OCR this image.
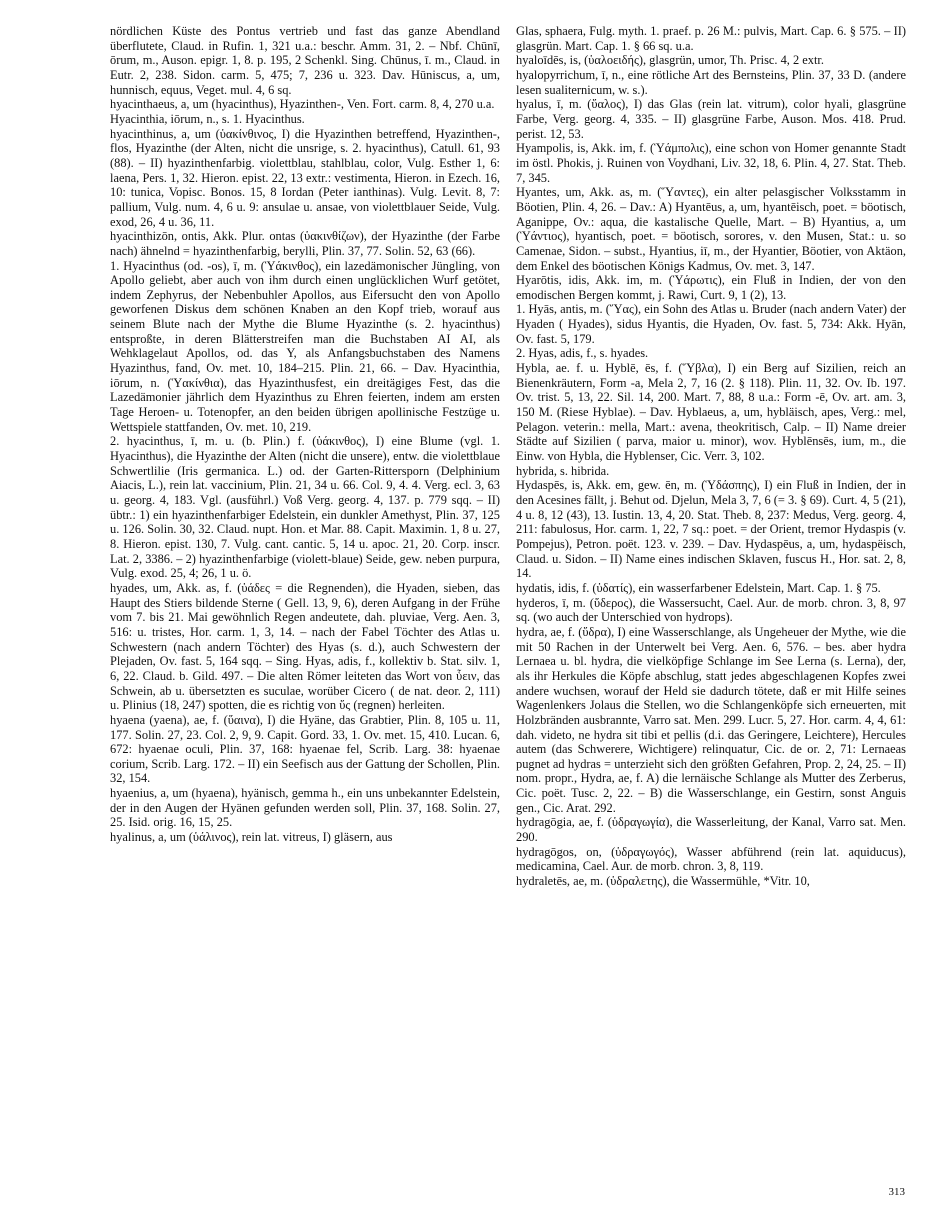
nördlichen Küste des Pontus vertrieb und fast das ganze Abendland überflutete, Claud. in Rufin. 1, 321 u.a.: beschr. Amm. 31, 2. – Nbf. Chūnī, ōrum, m., Auson. epigr. 1, 8. p. 195, 2 Schenkl. Sing. Chūnus, ī. m., Claud. in Eutr. 2, 238. Sidon. carm. 5, 475; 7, 236 u. 323. Dav. Hūniscus, a, um, hunnisch, equus, Veget. mul. 4, 6 sq.

hyacinthaeus, a, um (hyacinthus), Hyazinthen-, Ven. Fort. carm. 8, 4, 270 u.a.

Hyacinthia, iōrum, n., s. 1. Hyacinthus.

hyacinthinus, a, um (ὑακίνθινος, I) die Hyazinthen betreffend, Hyazinthen-, flos, Hyazinthe (der Alten, nicht die unsrige, s. 2. hyacinthus), Catull. 61, 93 (88). – II) hyazinthenfarbig. violettblau, stahlblau, color, Vulg. Esther 1, 6: laena, Pers. 1, 32. Hieron. epist. 22, 13 extr.: vestimenta, Hieron. in Ezech. 16, 10: tunica, Vopisc. Bonos. 15, 8 Iordan (Peter ianthinas). Vulg. Levit. 8, 7: pallium, Vulg. num. 4, 6 u. 9: ansulae u. ansae, von violettblauer Seide, Vulg. exod, 26, 4 u. 36, 11.

hyacinthizōn, ontis, Akk. Plur. ontas (ὑακινθίζων), der Hyazinthe (der Farbe nach) ähnelnd = hyazinthenfarbig, berylli, Plin. 37, 77. Solin. 52, 63 (66).

1. Hyacinthus (od. -os), ī, m. (Ὑάκινθος), ein lazedämonischer Jüngling, von Apollo geliebt, aber auch von ihm durch einen unglücklichen Wurf getötet, indem Zephyrus, der Nebenbuhler Apollos, aus Eifersucht den von Apollo geworfenen Diskus dem schönen Knaben an den Kopf trieb, worauf aus seinem Blute nach der Mythe die Blume Hyazinthe (s. 2. hyacinthus) entsproßte, in deren Blätterstreifen man die Buchstaben AI AI, als Wehklagelaut Apollos, od. das Y, als Anfangsbuchstaben des Namens Hyazinthus, fand, Ov. met. 10, 184–215. Plin. 21, 66. – Dav. Hyacinthia, iōrum, n. (Ὑακίνθια), das Hyazinthusfest, ein dreitägiges Fest, das die Lazedämonier jährlich dem Hyazinthus zu Ehren feierten, indem am ersten Tage Heroen- u. Totenopfer, an den beiden übrigen apollinische Festzüge u. Wettspiele stattfanden, Ov. met. 10, 219.

2. hyacinthus, ī, m. u. (b. Plin.) f. (ὑάκινθος), I) eine Blume (vgl. 1. Hyacinthus), die Hyazinthe der Alten (nicht die unsere), entw. die violettblaue Schwertlilie (Iris germanica. L.) od. der Garten-Rittersporn (Delphinium Aiacis, L.), rein lat. vaccinium, Plin. 21, 34 u. 66. Col. 9, 4. 4. Verg. ecl. 3, 63 u. georg. 4, 183. Vgl. (ausführl.) Voß Verg. georg. 4, 137. p. 779 sqq. – II) übtr.: 1) ein hyazinthenfarbiger Edelstein, ein dunkler Amethyst, Plin. 37, 125 u. 126. Solin. 30, 32. Claud. nupt. Hon. et Mar. 88. Capit. Maximin. 1, 8 u. 27, 8. Hieron. epist. 130, 7. Vulg. cant. cantic. 5, 14 u. apoc. 21, 20. Corp. inscr. Lat. 2, 3386. – 2) hyazinthenfarbige (violett-blaue) Seide, gew. neben purpura, Vulg. exod. 25, 4; 26, 1 u. ö.

hyades, um, Akk. as, f. (ὑάδες = die Regnenden), die Hyaden, sieben, das Haupt des Stiers bildende Sterne ( Gell. 13, 9, 6), deren Aufgang in der Frühe vom 7. bis 21. Mai gewöhnlich Regen andeutete, dah. pluviae, Verg. Aen. 3, 516: u. tristes, Hor. carm. 1, 3, 14. – nach der Fabel Töchter des Atlas u. Schwestern (nach andern Töchter) des Hyas (s. d.), auch Schwestern der Plejaden, Ov. fast. 5, 164 sqq. – Sing. Hyas, adis, f., kollektiv b. Stat. silv. 1, 6, 22. Claud. b. Gild. 497. – Die alten Römer leiteten das Wort von ὗειν, das Schwein, ab u. übersetzten es suculae, worüber Cicero ( de nat. deor. 2, 111) u. Plinius (18, 247) spotten, die es richtig von ὕς (regnen) herleiten.

hyaena (yaena), ae, f. (ὕαινα), I) die Hyäne, das Grabtier, Plin. 8, 105 u. 11, 177. Solin. 27, 23. Col. 2, 9, 9. Capit. Gord. 33, 1. Ov. met. 15, 410. Lucan. 6, 672: hyaenae oculi, Plin. 37, 168: hyaenae fel, Scrib. Larg. 38: hyaenae corium, Scrib. Larg. 172. – II) ein Seefisch aus der Gattung der Schollen, Plin. 32, 154.

hyaenius, a, um (hyaena), hyänisch, gemma h., ein uns unbekannter Edelstein, der in den Augen der Hyänen gefunden werden soll, Plin. 37, 168. Solin. 27, 25. Isid. orig. 16, 15, 25.

hyalinus, a, um (ὑάλινος), rein lat. vitreus, I) gläsern, aus

Glas, sphaera, Fulg. myth. 1. praef. p. 26 M.: pulvis, Mart. Cap. 6. § 575. – II) glasgrün. Mart. Cap. 1. § 66 sq. u.a.

hyaloīdēs, is, (ὑαλοειδής), glasgrün, umor, Th. Prisc. 4, 2 extr.

hyalopyrrichum, ī, n., eine rötliche Art des Bernsteins, Plin. 37, 33 D. (andere lesen sualiternicum, w. s.).

hyalus, ī, m. (ὕαλος), I) das Glas (rein lat. vitrum), color hyali, glasgrüne Farbe, Verg. georg. 4, 335. – II) glasgrüne Farbe, Auson. Mos. 418. Prud. perist. 12, 53.

Hyampolis, is, Akk. im, f. (Ὑάμπολις), eine schon von Homer genannte Stadt im östl. Phokis, j. Ruinen von Voydhani, Liv. 32, 18, 6. Plin. 4, 27. Stat. Theb. 7, 345.

Hyantes, um, Akk. as, m. (Ὕαντες), ein alter pelasgischer Volksstamm in Böotien, Plin. 4, 26. – Dav.: A) Hyantēus, a, um, hyantēisch, poet. = böotisch, Aganippe, Ov.: aqua, die kastalische Quelle, Mart. – B) Hyantius, a, um (Ὑάντιος), hyantisch, poet. = böotisch, sorores, v. den Musen, Stat.: u. so Camenae, Sidon. – subst., Hyantius, iī, m., der Hyantier, Böotier, von Aktäon, dem Enkel des böotischen Königs Kadmus, Ov. met. 3, 147.

Hyarōtis, idis, Akk. im, m. (Ὑάρωτις), ein Fluß in Indien, der von den emodischen Bergen kommt, j. Rawi, Curt. 9, 1 (2), 13.

1. Hyās, antis, m. (Ὕας), ein Sohn des Atlas u. Bruder (nach andern Vater) der Hyaden ( Hyades), sidus Hyantis, die Hyaden, Ov. fast. 5, 734: Akk. Hyān, Ov. fast. 5, 179.

2. Hyas, adis, f., s. hyades.

Hybla, ae. f. u. Hyblē, ēs, f. (Ὕβλα), I) ein Berg auf Sizilien, reich an Bienenkräutern, Form -a, Mela 2, 7, 16 (2. § 118). Plin. 11, 32. Ov. Ib. 197. Ov. trist. 5, 13, 22. Sil. 14, 200. Mart. 7, 88, 8 u.a.: Form -ē, Ov. art. am. 3, 150 M. (Riese Hyblae). – Dav. Hyblaeus, a, um, hybläisch, apes, Verg.: mel, Pelagon. veterin.: mella, Mart.: avena, theokritisch, Calp. – II) Name dreier Städte auf Sizilien ( parva, maior u. minor), wov. Hyblēnsēs, ium, m., die Einw. von Hybla, die Hyblenser, Cic. Verr. 3, 102.

hybrida, s. hibrida.

Hydaspēs, is, Akk. em, gew. ēn, m. (Ὑδάσπης), I) ein Fluß in Indien, der in den Acesines fällt, j. Behut od. Djelun, Mela 3, 7, 6 (= 3. § 69). Curt. 4, 5 (21), 4 u. 8, 12 (43), 13. Iustin. 13, 4, 20. Stat. Theb. 8, 237: Medus, Verg. georg. 4, 211: fabulosus, Hor. carm. 1, 22, 7 sq.: poet. = der Orient, tremor Hydaspis (v. Pompejus), Petron. poët. 123. v. 239. – Dav. Hydaspēus, a, um, hydaspëisch, Claud. u. Sidon. – II) Name eines indischen Sklaven, fuscus H., Hor. sat. 2, 8, 14.

hydatis, idis, f. (ὑδατίς), ein wasserfarbener Edelstein, Mart. Cap. 1. § 75.

hyderos, ī, m. (ὕδερος), die Wassersucht, Cael. Aur. de morb. chron. 3, 8, 97 sq. (wo auch der Unterschied von hydrops).

hydra, ae, f. (ὕδρα), I) eine Wasserschlange, als Ungeheuer der Mythe, wie die mit 50 Rachen in der Unterwelt bei Verg. Aen. 6, 576. – bes. aber hydra Lernaea u. bl. hydra, die vielköpfige Schlange im See Lerna (s. Lerna), der, als ihr Herkules die Köpfe abschlug, statt jedes abgeschlagenen Kopfes zwei andere wuchsen, worauf der Held sie dadurch tötete, daß er mit Hilfe seines Wagenlenkers Jolaus die Stellen, wo die Schlangenköpfe sich erneuerten, mit Holzbränden ausbrannte, Varro sat. Men. 299. Lucr. 5, 27. Hor. carm. 4, 4, 61: dah. videto, ne hydra sit tibi et pellis (d.i. das Geringere, Leichtere), Hercules autem (das Schwerere, Wichtigere) relinquatur, Cic. de or. 2, 71: Lernaeas pugnet ad hydras = unterzieht sich den größten Gefahren, Prop. 2, 24, 25. – II) nom. propr., Hydra, ae, f. A) die lernäische Schlange als Mutter des Zerberus, Cic. poët. Tusc. 2, 22. – B) die Wasserschlange, ein Gestirn, sonst Anguis gen., Cic. Arat. 292.

hydragōgia, ae, f. (ὑδραγωγία), die Wasserleitung, der Kanal, Varro sat. Men. 290.

hydragōgos, on, (ὑδραγωγός), Wasser abführend (rein lat. aquiducus), medicamina, Cael. Aur. de morb. chron. 3, 8, 119.

hydraletēs, ae, m. (ὑδραλετης), die Wassermühle, *Vitr. 10,

313
